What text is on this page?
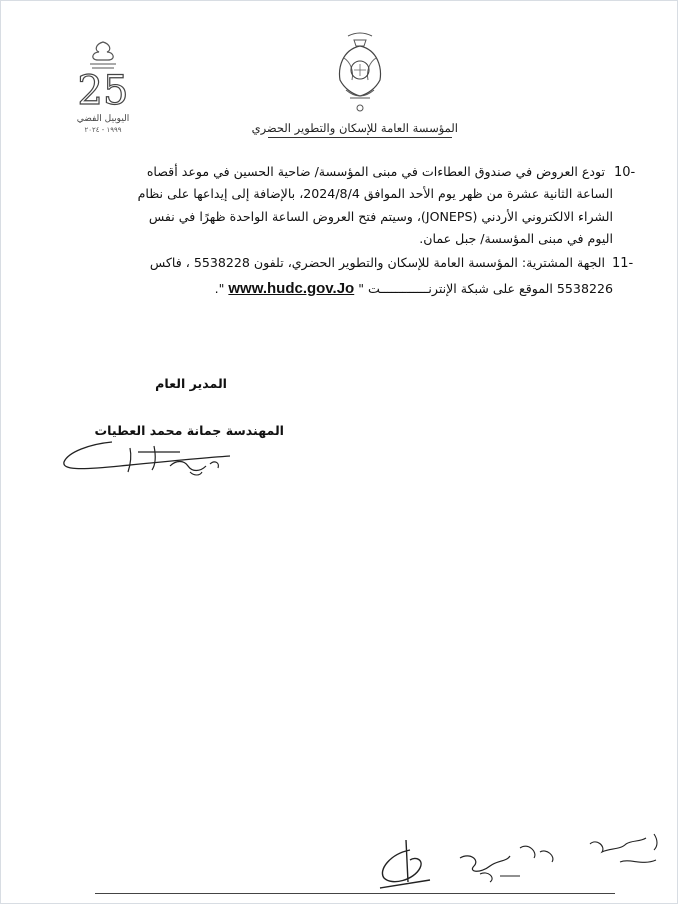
25
اليوبيل الفضي
١٩٩٩ - ٢٠٢٤	المؤسسة العامة للإسكان والتطوير الحضري
10-
تودع العروض في صندوق العطاءات في مبنى المؤسسة/ ضاحية الحسين في موعد أقصاه
الساعة الثانية عشرة من ظهر يوم الأحد الموافق 2024/8/4، بالإضافة إلى إيداعها على نظام
الشراء الالكتروني الأردني (JONEPS)، وسيتم فتح العروض الساعة الواحدة ظهرًا في نفس
اليوم في مبنى المؤسسة/ جبل عمان.
11-
الجهة المشترية: المؤسسة العامة للإسكان والتطوير الحضري، تلفون 5538228 ، فاكس
5538226 الموقع على شبكة الإنترنـــــــــــــت " www.hudc.gov.Jo ".
المدير العام
المهندسة جمانة محمد العطيات
